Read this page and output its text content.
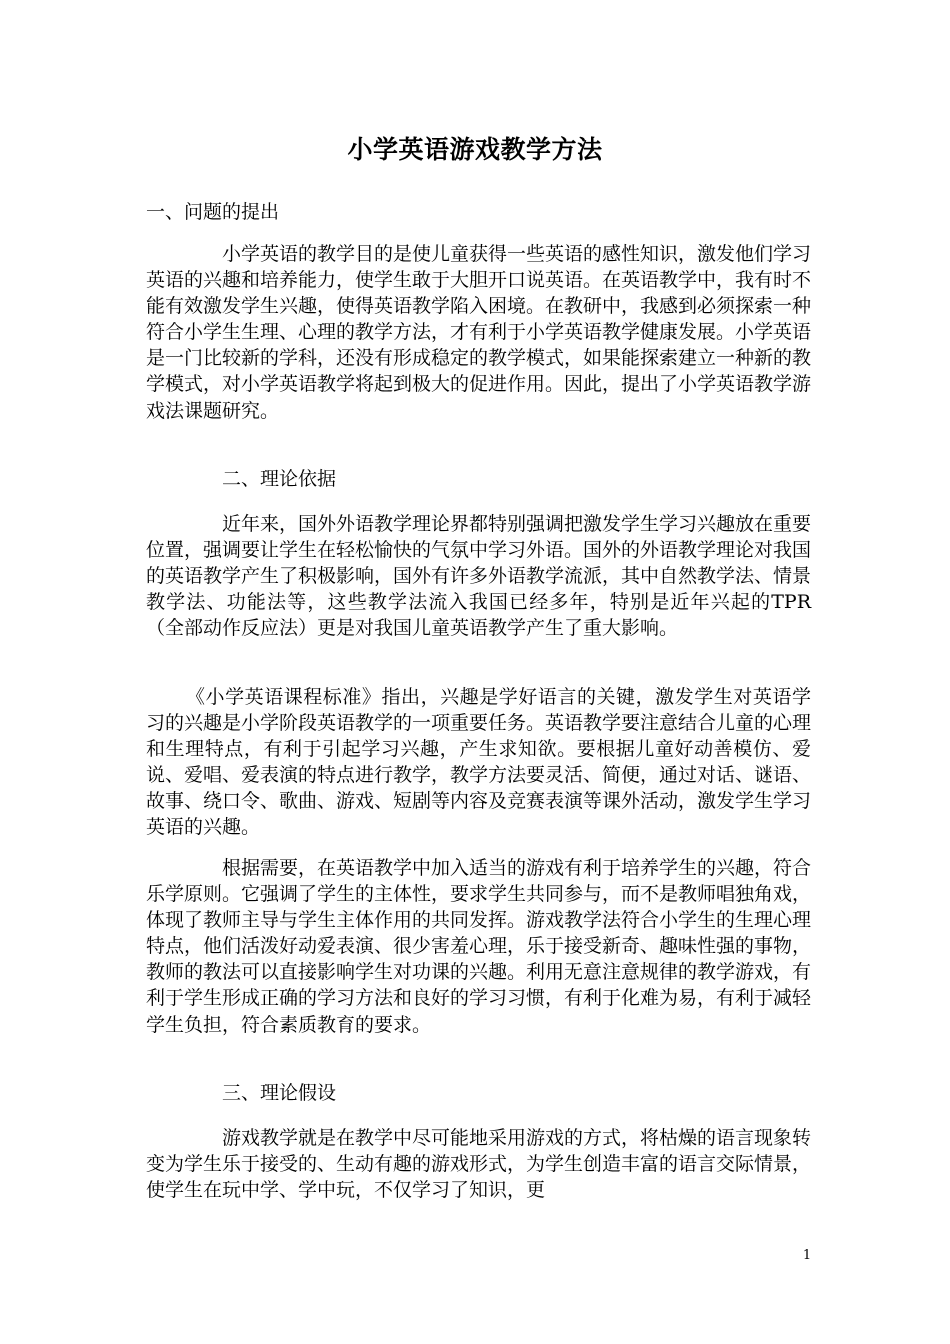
小学英语游戏教学方法
一、问题的提出
小学英语的教学目的是使儿童获得一些英语的感性知识，激发他们学习英语的兴趣和培养能力，使学生敢于大胆开口说英语。在英语教学中，我有时不能有效激发学生兴趣，使得英语教学陷入困境。在教研中，我感到必须探索一种符合小学生生理、心理的教学方法，才有利于小学英语教学健康发展。小学英语是一门比较新的学科，还没有形成稳定的教学模式，如果能探索建立一种新的教学模式，对小学英语教学将起到极大的促进作用。因此，提出了小学英语教学游戏法课题研究。
二、理论依据
近年来，国外外语教学理论界都特别强调把激发学生学习兴趣放在重要位置，强调要让学生在轻松愉快的气氛中学习外语。国外的外语教学理论对我国的英语教学产生了积极影响，国外有许多外语教学流派，其中自然教学法、情景教学法、功能法等，这些教学法流入我国已经多年，特别是近年兴起的TPR（全部动作反应法）更是对我国儿童英语教学产生了重大影响。
《小学英语课程标准》指出，兴趣是学好语言的关键，激发学生对英语学习的兴趣是小学阶段英语教学的一项重要任务。英语教学要注意结合儿童的心理和生理特点，有利于引起学习兴趣，产生求知欲。要根据儿童好动善模仿、爱说、爱唱、爱表演的特点进行教学，教学方法要灵活、简便，通过对话、谜语、故事、绕口令、歌曲、游戏、短剧等内容及竞赛表演等课外活动，激发学生学习英语的兴趣。
根据需要，在英语教学中加入适当的游戏有利于培养学生的兴趣，符合乐学原则。它强调了学生的主体性，要求学生共同参与，而不是教师唱独角戏，体现了教师主导与学生主体作用的共同发挥。游戏教学法符合小学生的生理心理特点，他们活泼好动爱表演、很少害羞心理，乐于接受新奇、趣味性强的事物，教师的教法可以直接影响学生对功课的兴趣。利用无意注意规律的教学游戏，有利于学生形成正确的学习方法和良好的学习习惯，有利于化难为易，有利于减轻学生负担，符合素质教育的要求。
三、理论假设
游戏教学就是在教学中尽可能地采用游戏的方式，将枯燥的语言现象转变为学生乐于接受的、生动有趣的游戏形式，为学生创造丰富的语言交际情景，使学生在玩中学、学中玩，不仅学习了知识，更
1
